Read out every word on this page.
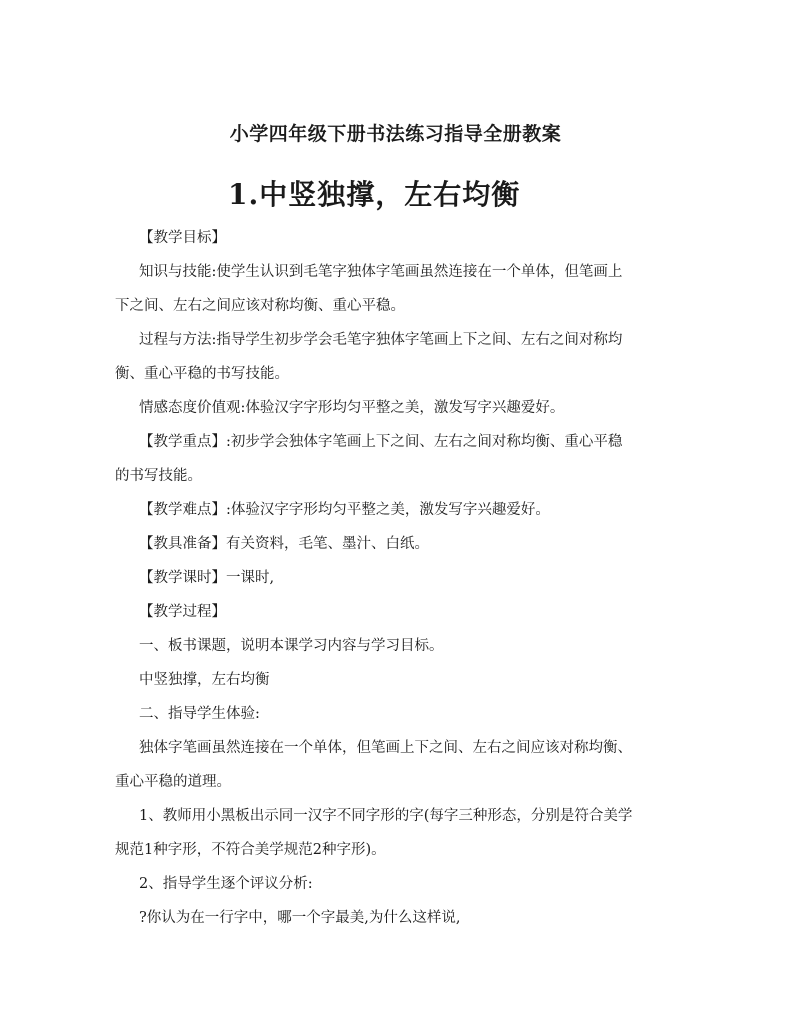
小学四年级下册书法练习指导全册教案
1.中竖独撑，左右均衡
【教学目标】
知识与技能:使学生认识到毛笔字独体字笔画虽然连接在一个单体，但笔画上
下之间、左右之间应该对称均衡、重心平稳。
过程与方法:指导学生初步学会毛笔字独体字笔画上下之间、左右之间对称均
衡、重心平稳的书写技能。
情感态度价值观:体验汉字字形均匀平整之美，激发写字兴趣爱好。
【教学重点】:初步学会独体字笔画上下之间、左右之间对称均衡、重心平稳
的书写技能。
【教学难点】:体验汉字字形均匀平整之美，激发写字兴趣爱好。
【教具准备】有关资料，毛笔、墨汁、白纸。
【教学课时】一课时,
【教学过程】
一、板书课题，说明本课学习内容与学习目标。
中竖独撑，左右均衡
二、指导学生体验:
独体字笔画虽然连接在一个单体，但笔画上下之间、左右之间应该对称均衡、
重心平稳的道理。
1、教师用小黑板出示同一汉字不同字形的字(每字三种形态，分别是符合美学
规范1种字形，不符合美学规范2种字形)。
2、指导学生逐个评议分析:
?你认为在一行字中，哪一个字最美,为什么这样说,
